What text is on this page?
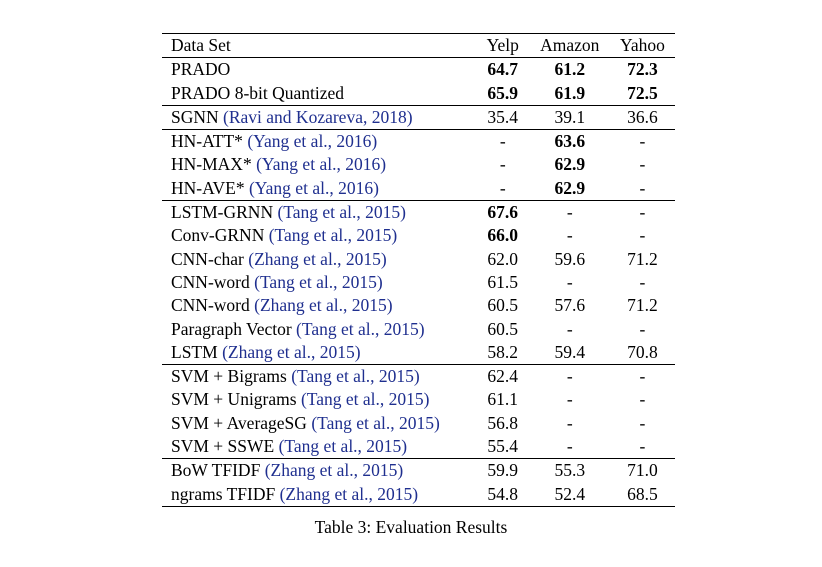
Data Set	Yelp	Amazon	Yahoo
PRADO	64.7	61.2	72.3
PRADO 8-bit Quantized	65.9	61.9	72.5
SGNN (Ravi and Kozareva, 2018)	35.4	39.1	36.6
HN-ATT* (Yang et al., 2016)	-	63.6	-
HN-MAX* (Yang et al., 2016)	-	62.9	-
HN-AVE* (Yang et al., 2016)	-	62.9	-
LSTM-GRNN (Tang et al., 2015)	67.6	-	-
Conv-GRNN (Tang et al., 2015)	66.0	-	-
CNN-char (Zhang et al., 2015)	62.0	59.6	71.2
CNN-word (Tang et al., 2015)	61.5	-	-
CNN-word (Zhang et al., 2015)	60.5	57.6	71.2
Paragraph Vector (Tang et al., 2015)	60.5	-	-
LSTM (Zhang et al., 2015)	58.2	59.4	70.8
SVM + Bigrams (Tang et al., 2015)	62.4	-	-
SVM + Unigrams (Tang et al., 2015)	61.1	-	-
SVM + AverageSG (Tang et al., 2015)	56.8	-	-
SVM + SSWE (Tang et al., 2015)	55.4	-	-
BoW TFIDF (Zhang et al., 2015)	59.9	55.3	71.0
ngrams TFIDF (Zhang et al., 2015)	54.8	52.4	68.5
Table 3: Evaluation Results
